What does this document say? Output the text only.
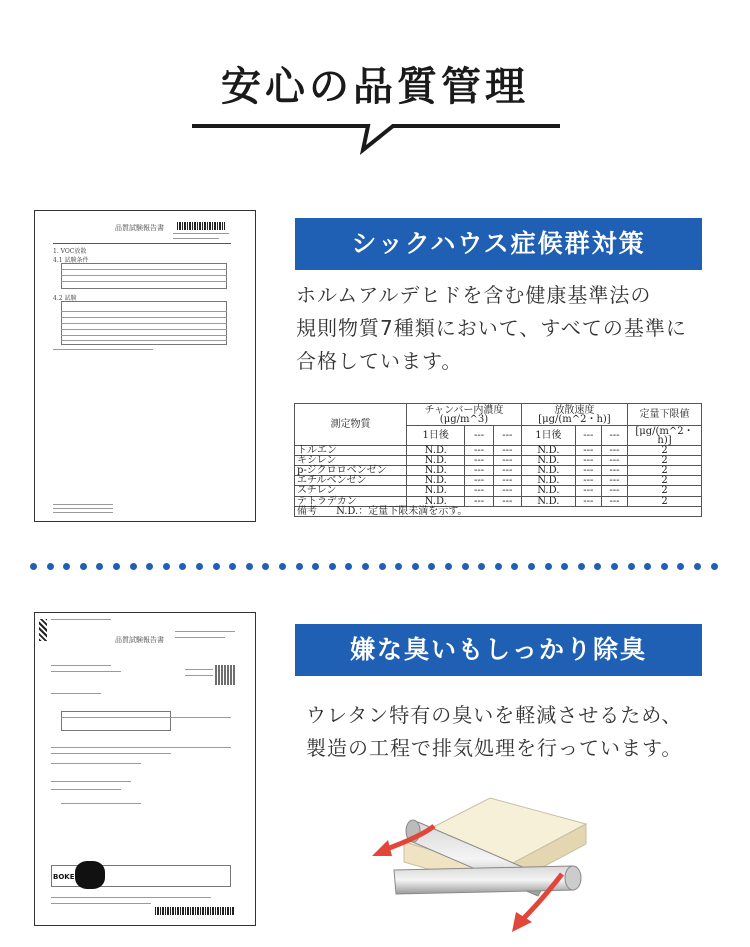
安心の品質管理
品質試験報告書
1. VOC放散
4.1 試験条件
4.2 試験
シックハウス症候群対策
ホルムアルデヒドを含む健康基準法の
規則物質7種類において、すべての基準に
合格しています。
測定物質	チャンバー内濃度
(μg/m^3)			放散速度
[μg/(m^2・h)]			定量下限値
	1日後	---	---	1日後	---	---	[μg/(m^2・h)]
トルエン	N.D.	---	---	N.D.	---	---	2
キシレン	N.D.	---	---	N.D.	---	---	2
p-ジクロロベンゼン	N.D.	---	---	N.D.	---	---	2
エチルベンゼン	N.D.	---	---	N.D.	---	---	2
スチレン	N.D.	---	---	N.D.	---	---	2
テトラデカン	N.D.	---	---	N.D.	---	---	2
備考 N.D.：定量下限未満を示す。							
品質試験報告書
BOKEN
嫌な臭いもしっかり除臭
ウレタン特有の臭いを軽減させるため、
製造の工程で排気処理を行っています。
